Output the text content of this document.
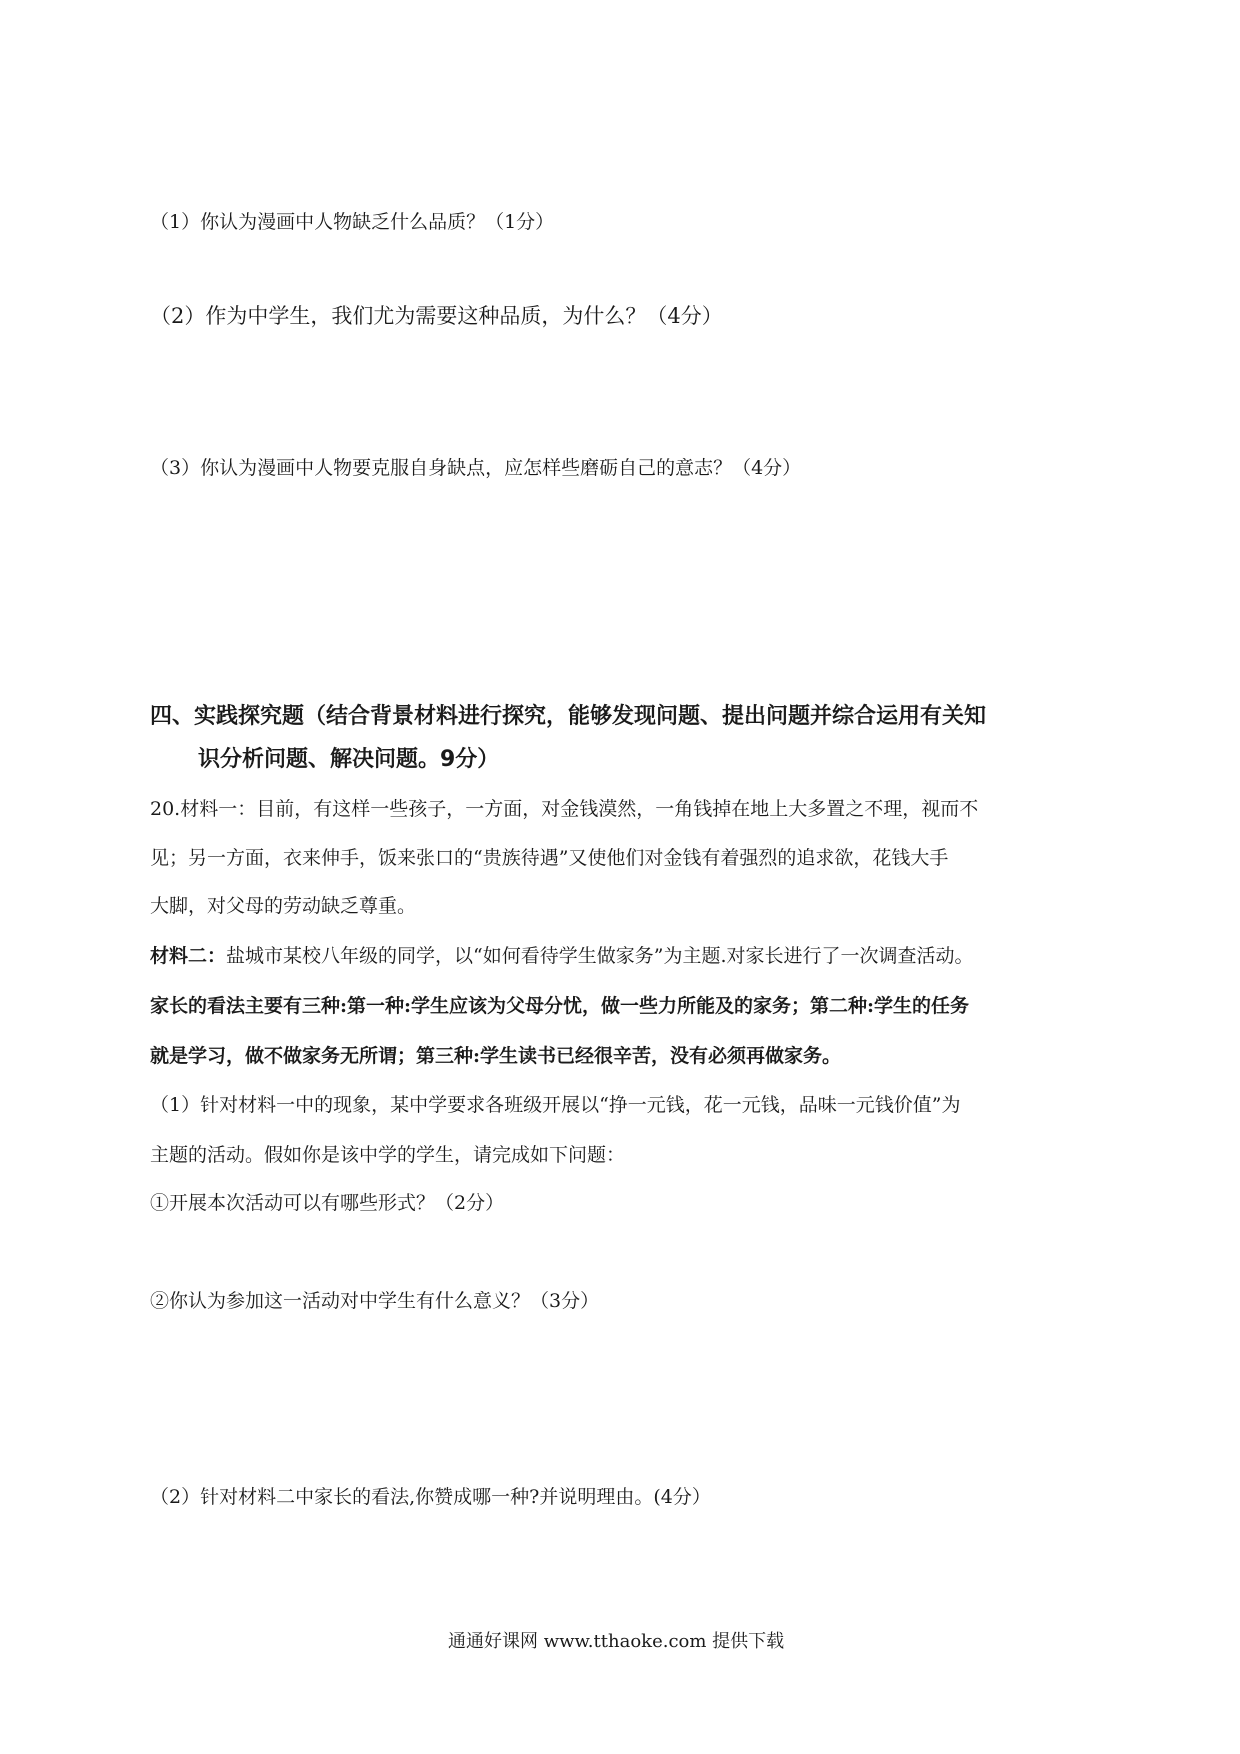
（1）你认为漫画中人物缺乏什么品质？（1分）
（2）作为中学生，我们尤为需要这种品质，为什么？（4分）
（3）你认为漫画中人物要克服自身缺点，应怎样些磨砺自己的意志？（4分）
四、实践探究题（结合背景材料进行探究，能够发现问题、提出问题并综合运用有关知
识分析问题、解决问题。9分）
20.材料一：目前，有这样一些孩子，一方面，对金钱漠然，一角钱掉在地上大多置之不理，视而不
见；另一方面，衣来伸手，饭来张口的“贵族待遇”又使他们对金钱有着强烈的追求欲，花钱大手
大脚，对父母的劳动缺乏尊重。
材料二：盐城市某校八年级的同学，以“如何看待学生做家务”为主题.对家长进行了一次调查活动。
家长的看法主要有三种:第一种:学生应该为父母分忧，做一些力所能及的家务；第二种:学生的任务
就是学习，做不做家务无所谓；第三种:学生读书已经很辛苦，没有必须再做家务。
（1）针对材料一中的现象，某中学要求各班级开展以“挣一元钱，花一元钱，品味一元钱价值”为
主题的活动。假如你是该中学的学生，请完成如下问题：
①开展本次活动可以有哪些形式？（2分）
②你认为参加这一活动对中学生有什么意义？（3分）
（2）针对材料二中家长的看法,你赞成哪一种?并说明理由。(4分）
通通好课网 www.tthaoke.com 提供下载
